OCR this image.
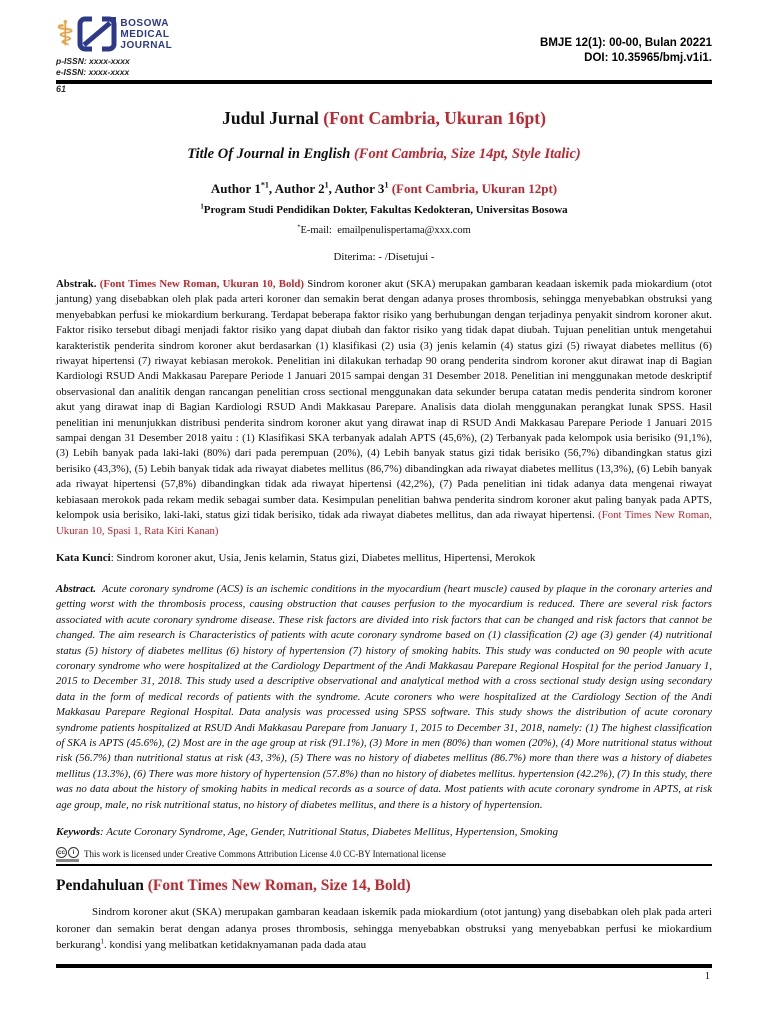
⚕	BOSOWA
MEDICAL
JOURNAL
p-ISSN: xxxx-xxxx
e-ISSN: xxxx-xxxx
BMJE 12(1): 00-00, Bulan 20221
DOI: 10.35965/bmj.v1i1.
61
Judul Jurnal (Font Cambria, Ukuran 16pt)
Title Of Journal in English (Font Cambria, Size 14pt, Style Italic)
Author 1$^{*1}$, Author $2^1$, Author $3^1$ (Font Cambria, Ukuran 12pt)
$^1$Program Studi Pendidikan Dokter, Fakultas Kedokteran, Universitas Bosowa
*E-mail: emailpenulispertama@xxx.com
Diterima: - /Disetujui -

Abstrak. (Font Times New Roman, Ukuran 10, Bold) Sindrom koroner akut (SKA) merupakan gambaran keadaan iskemik pada miokardium (otot jantung) yang disebabkan oleh plak pada arteri koroner dan semakin berat dengan adanya proses thrombosis, sehingga menyebabkan obstruksi yang menyebabkan perfusi ke miokardium berkurang. Terdapat beberapa faktor risiko yang berhubungan dengan terjadinya penyakit sindrom koroner akut. Faktor risiko tersebut dibagi menjadi faktor risiko yang dapat diubah dan faktor risiko yang tidak dapat diubah. Tujuan penelitian untuk mengetahui karakteristik penderita sindrom koroner akut berdasarkan (1) klasifikasi (2) usia (3) jenis kelamin (4) status gizi (5) riwayat diabetes mellitus (6) riwayat hipertensi (7) riwayat kebiasan merokok. Penelitian ini dilakukan terhadap 90 orang penderita sindrom koroner akut dirawat inap di Bagian Kardiologi RSUD Andi Makkasau Parepare Periode 1 Januari 2015 sampai dengan 31 Desember 2018. Penelitian ini menggunakan metode deskriptif observasional dan analitik dengan rancangan penelitian cross sectional menggunakan data sekunder berupa catatan medis penderita sindrom koroner akut yang dirawat inap di Bagian Kardiologi RSUD Andi Makkasau Parepare. Analisis data diolah menggunakan perangkat lunak SPSS. Hasil penelitian ini menunjukkan distribusi penderita sindrom koroner akut yang dirawat inap di RSUD Andi Makkasau Parepare Periode 1 Januari 2015 sampai dengan 31 Desember 2018 yaitu : (1) Klasifikasi SKA terbanyak adalah APTS (45,6%), (2) Terbanyak pada kelompok usia berisiko (91,1%), (3) Lebih banyak pada laki-laki (80%) dari pada perempuan (20%), (4) Lebih banyak status gizi tidak berisiko (56,7%) dibandingkan status gizi berisiko (43,3%), (5) Lebih banyak tidak ada riwayat diabetes mellitus (86,7%) dibandingkan ada riwayat diabetes mellitus (13,3%), (6) Lebih banyak ada riwayat hipertensi (57,8%) dibandingkan tidak ada riwayat hipertensi (42,2%), (7) Pada penelitian ini tidak adanya data mengenai riwayat kebiasaan merokok pada rekam medik sebagai sumber data. Kesimpulan penelitian bahwa penderita sindrom koroner akut paling banyak pada APTS, kelompok usia berisiko, laki-laki, status gizi tidak berisiko, tidak ada riwayat diabetes mellitus, dan ada riwayat hipertensi. (Font Times New Roman, Ukuran 10, Spasi 1, Rata Kiri Kanan)

Kata Kunci: Sindrom koroner akut, Usia, Jenis kelamin, Status gizi, Diabetes mellitus, Hipertensi, Merokok

Abstract. Acute coronary syndrome (ACS) is an ischemic conditions in the myocardium (heart muscle) caused by plaque in the coronary arteries and getting worst with the thrombosis process, causing obstruction that causes perfusion to the myocardium is reduced. There are several risk factors associated with acute coronary syndrome disease. These risk factors are divided into risk factors that can be changed and risk factors that cannot be changed. The aim research is Characteristics of patients with acute coronary syndrome based on (1) classification (2) age (3) gender (4) nutritional status (5) history of diabetes mellitus (6) history of hypertension (7) history of smoking habits. This study was conducted on 90 people with acute coronary syndrome who were hospitalized at the Cardiology Department of the Andi Makkasau Parepare Regional Hospital for the period January 1, 2015 to December 31, 2018. This study used a descriptive observational and analytical method with a cross sectional study design using secondary data in the form of medical records of patients with the syndrome. Acute coroners who were hospitalized at the Cardiology Section of the Andi Makkasau Parepare Regional Hospital. Data analysis was processed using SPSS software. This study shows the distribution of acute coronary syndrome patients hospitalized at RSUD Andi Makkasau Parepare from January 1, 2015 to December 31, 2018, namely: (1) The highest classification of SKA is APTS (45.6%), (2) Most are in the age group at risk (91.1%), (3) More in men (80%) than women (20%), (4) More nutritional status without risk (56.7%) than nutritional status at risk (43, 3%), (5) There was no history of diabetes mellitus (86.7%) more than there was a history of diabetes mellitus (13.3%), (6) There was more history of hypertension (57.8%) than no history of diabetes mellitus. hypertension (42.2%), (7) In this study, there was no data about the history of smoking habits in medical records as a source of data. Most patients with acute coronary syndrome in APTS, at risk age group, male, no risk nutritional status, no history of diabetes mellitus, and there is a history of hypertension.

Keywords: Acute Coronary Syndrome, Age, Gender, Nutritional Status, Diabetes Mellitus, Hypertension, Smoking
cc	i	This work is licensed under Creative Commons Attribution License 4.0 CC-BY International license
Pendahuluan (Font Times New Roman, Size 14, Bold)

Sindrom koroner akut (SKA) merupakan gambaran keadaan iskemik pada miokardium (otot jantung) yang disebabkan oleh plak pada arteri koroner dan semakin berat dengan adanya proses thrombosis, sehingga menyebabkan obstruksi yang menyebabkan perfusi ke miokardium berkurang$^1$. kondisi yang melibatkan ketidaknyamanan pada dada atau

1
